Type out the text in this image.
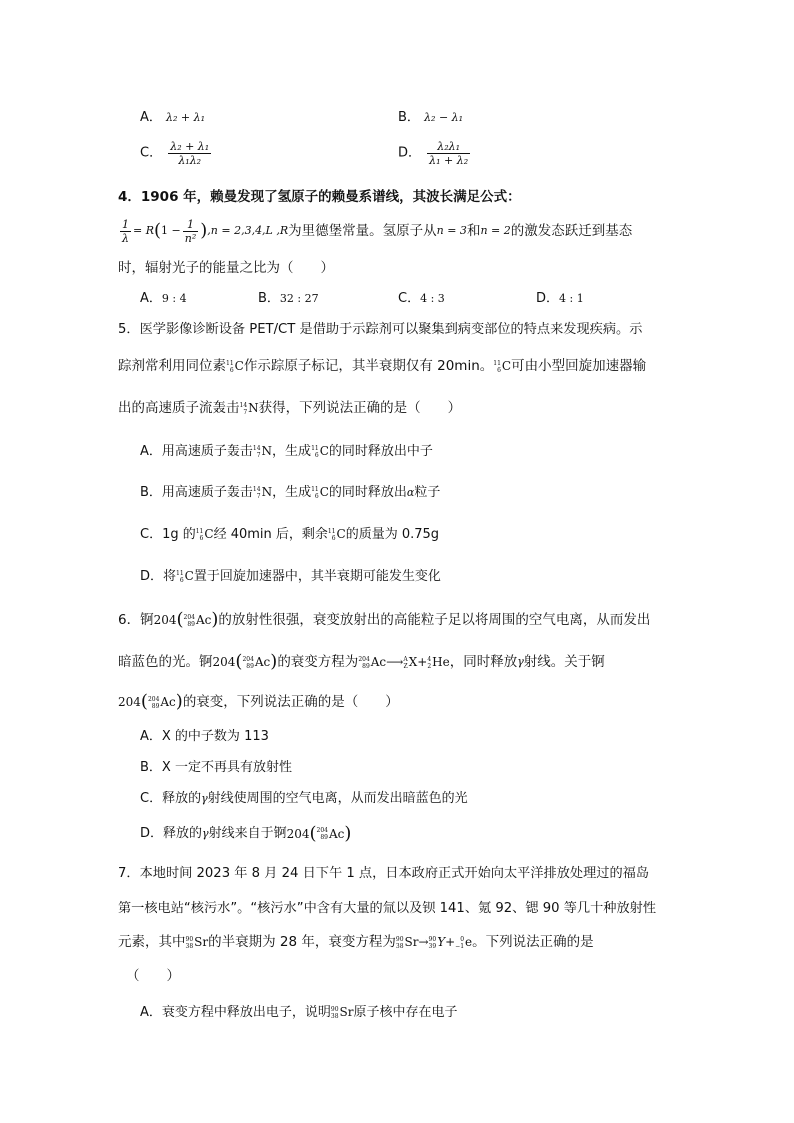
A． λ₂ + λ₁	B． λ₂ − λ₁
C． $\frac{\text{λ₂ + λ₁}}{\text{λ₁λ₂}}$	D． $\frac{\text{λ₂λ₁}}{\text{λ₁ + λ₂}}$
4．1906 年，赖曼发现了氢原子的赖曼系谱线，其波长满足公式：
$\frac{1}{\lambda} = R$ ( $1 - \frac{1}{\text{n²}}$ ) ,n = 2,3,4,L ,R 为里德堡常量。氢原子从 n = 3 和 n = 2 的激发态跃迁到基态
时，辐射光子的能量之比为（　　）
A．9 : 4	B．32 : 27	C．4 : 3	D．4 : 1
5．医学影像诊断设备 PET/CT 是借助于示踪剂可以聚集到病变部位的特点来发现疾病。示
踪剂常利用同位素 11
6 C作示踪原子标记，其半衰期仅有 20min。 11
6 C可由小型回旋加速器输
出的高速质子流轰击 14
7 N获得，下列说法正确的是（　　）
A．用高速质子轰击 14
7 N，生成 11
6 C的同时释放出中子
B．用高速质子轰击 14
7 N，生成 11
6 C的同时释放出α粒子
C．1g 的 11
6 C经 40min 后，剩余 11
6 C的质量为 0.75g
D．将 11
6 C置于回旋加速器中，其半衰期可能发生变化
6．锕 204 ( 204
89 Ac ) 的放射性很强，衰变放射出的高能粒子足以将周围的空气电离，从而发出
暗蓝色的光。锕 204 ( 204
89 Ac ) 的衰变方程为 204
89 Ac ⟶ A
Z X + 4
2 He ，同时释放 γ 射线。关于锕
204 ( 204
89 Ac ) 的衰变，下列说法正确的是（　　）
A．X 的中子数为 113
B．X 一定不再具有放射性
C．释放的γ射线使周围的空气电离，从而发出暗蓝色的光
D．释放的 γ 射线来自于锕 204 ( 204
89 Ac )
7．本地时间 2023 年 8 月 24 日下午 1 点，日本政府正式开始向太平洋排放处理过的福岛
第一核电站“核污水”。“核污水”中含有大量的氚以及钡 141、氪 92、锶 90 等几十种放射性
元素，其中 90
38 Sr的半衰期为 28 年，衰变方程为 90
38 Sr→ 90
39 Y+ 0
−1 e。下列说法正确的是
（　　）
A．衰变方程中释放出电子，说明 90
38 Sr原子核中存在电子
